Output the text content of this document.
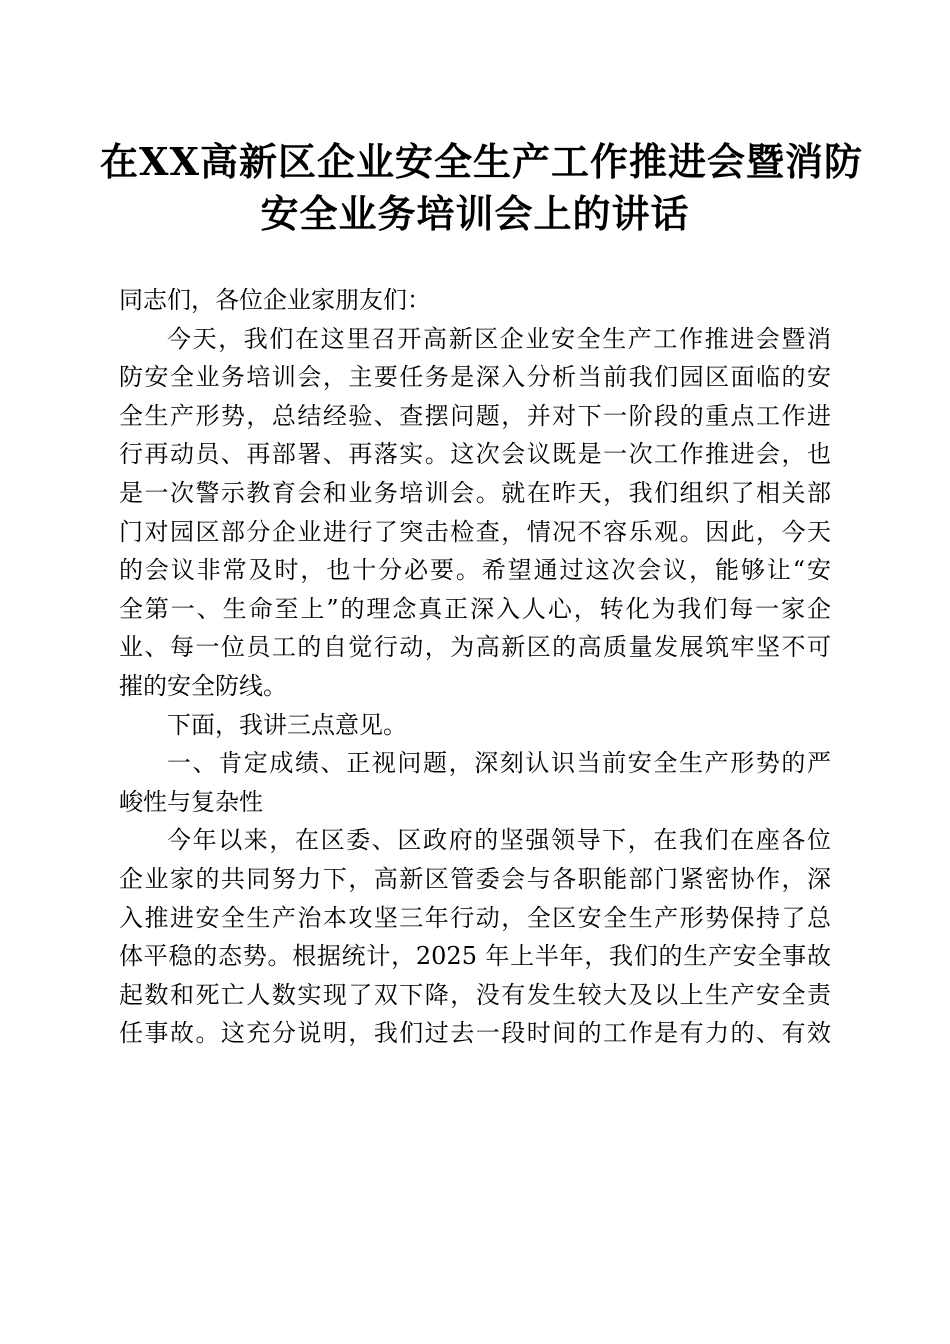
在XX高新区企业安全生产工作推进会暨消防
安全业务培训会上的讲话

同志们，各位企业家朋友们：

今天，我们在这里召开高新区企业安全生产工作推进会暨消
防安全业务培训会，主要任务是深入分析当前我们园区面临的安
全生产形势，总结经验、查摆问题，并对下一阶段的重点工作进
行再动员、再部署、再落实。这次会议既是一次工作推进会，也
是一次警示教育会和业务培训会。就在昨天，我们组织了相关部
门对园区部分企业进行了突击检查，情况不容乐观。因此，今天
的会议非常及时，也十分必要。希望通过这次会议，能够让“安
全第一、生命至上”的理念真正深入人心，转化为我们每一家企
业、每一位员工的自觉行动，为高新区的高质量发展筑牢坚不可
摧的安全防线。

下面，我讲三点意见。

一、肯定成绩、正视问题，深刻认识当前安全生产形势的严
峻性与复杂性

今年以来，在区委、区政府的坚强领导下，在我们在座各位
企业家的共同努力下，高新区管委会与各职能部门紧密协作，深
入推进安全生产治本攻坚三年行动，全区安全生产形势保持了总
体平稳的态势。根据统计，2025 年上半年，我们的生产安全事故
起数和死亡人数实现了双下降，没有发生较大及以上生产安全责
任事故。这充分说明，我们过去一段时间的工作是有力的、有效
